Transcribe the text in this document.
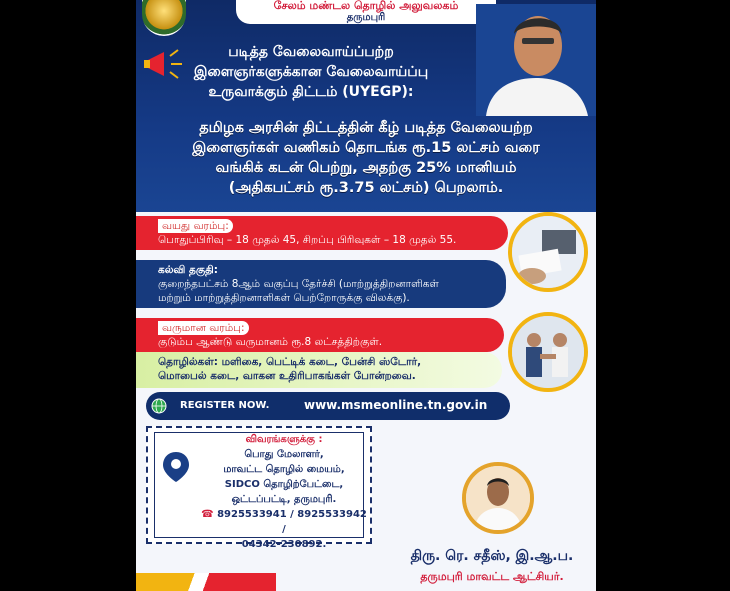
சேலம் மண்டல தொழில் அலுவலகம்
தருமபுரி
படித்த வேலைவாய்ப்பற்ற
இளைஞர்களுக்கான வேலைவாய்ப்பு
உருவாக்கும் திட்டம் (UYEGP):
தமிழக அரசின் திட்டத்தின் கீழ் படித்த வேலையற்ற
இளைஞர்கள் வணிகம் தொடங்க ரூ.15 லட்சம் வரை
வங்கிக் கடன் பெற்று, அதற்கு 25% மானியம்
(அதிகபட்சம் ரூ.3.75 லட்சம்) பெறலாம்.
வயது வரம்பு:
பொதுப்பிரிவு – 18 முதல் 45, சிறப்பு பிரிவுகள் – 18 முதல் 55.
கல்வி தகுதி:
குறைந்தபட்சம் 8ஆம் வகுப்பு தேர்ச்சி (மாற்றுத்திறனாளிகள்
மற்றும் மாற்றுத்திறனாளிகள் பெற்றோருக்கு விலக்கு).
வருமான வரம்பு:
குடும்ப ஆண்டு வருமானம் ரூ.8 லட்சத்திற்குள்.
தொழில்கள்: மளிகை, பெட்டிக் கடை, பேன்சி ஸ்டோர்,
மொபைல் கடை, வாகன உதிரிபாகங்கள் போன்றவை.
REGISTER NOW.	www.msmeonline.tn.gov.in
விவரங்களுக்கு :
பொது மேலாளர்,
மாவட்ட தொழில் மையம்,
SIDCO தொழிற்பேட்டை,
ஒட்டப்பட்டி, தருமபுரி.
☎ 8925533941 / 8925533942 /
04342-230892.
திரு. ரெ. சதீஸ், இ.ஆ.ப.
தருமபுரி மாவட்ட ஆட்சியர்.
